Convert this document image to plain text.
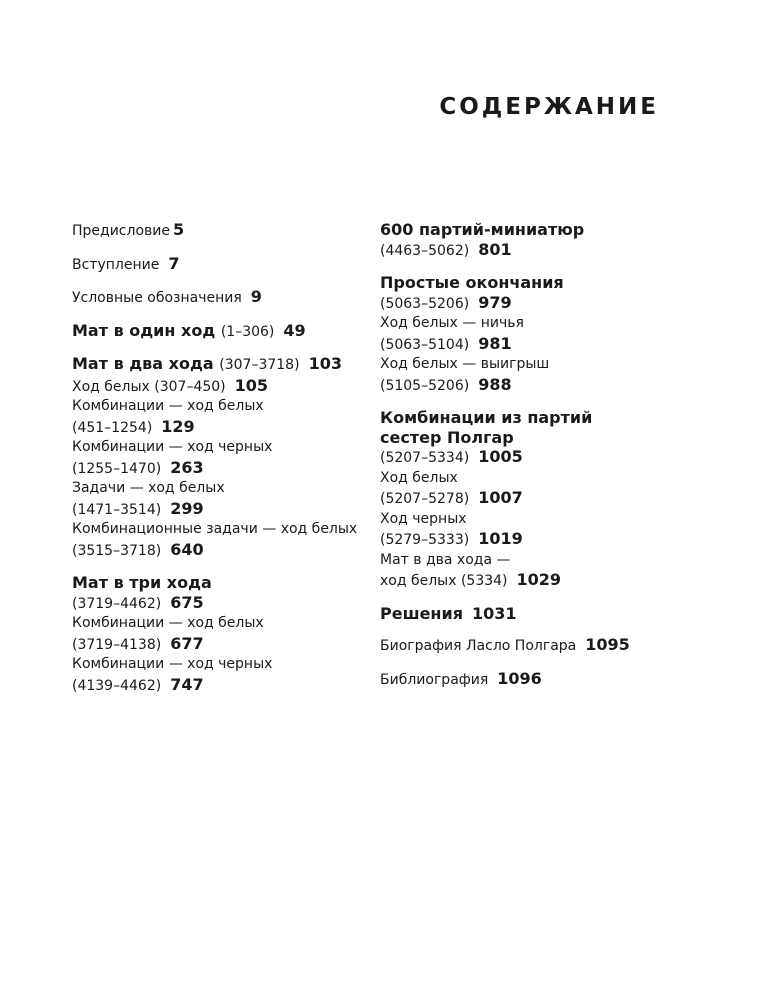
СОДЕРЖАНИЕ
Предисловие 5
Вступление 7
Условные обозначения 9
Мат в один ход (1–306) 49
Мат в два хода (307–3718) 103
Ход белых (307–450) 105
Комбинации — ход белых
(451–1254) 129
Комбинации — ход черных
(1255–1470) 263
Задачи — ход белых
(1471–3514) 299
Комбинационные задачи — ход белых
(3515–3718) 640
Мат в три хода
(3719–4462) 675
Комбинации — ход белых
(3719–4138) 677
Комбинации — ход черных
(4139–4462) 747
600 партий-миниатюр
(4463–5062) 801
Простые окончания
(5063–5206) 979
Ход белых — ничья
(5063–5104) 981
Ход белых — выигрыш
(5105–5206) 988
Комбинации из партий
сестер Полгар
(5207–5334) 1005
Ход белых
(5207–5278) 1007
Ход черных
(5279–5333) 1019
Мат в два хода —
ход белых (5334) 1029
Решения 1031
Биография Ласло Полгара 1095
Библиография 1096
